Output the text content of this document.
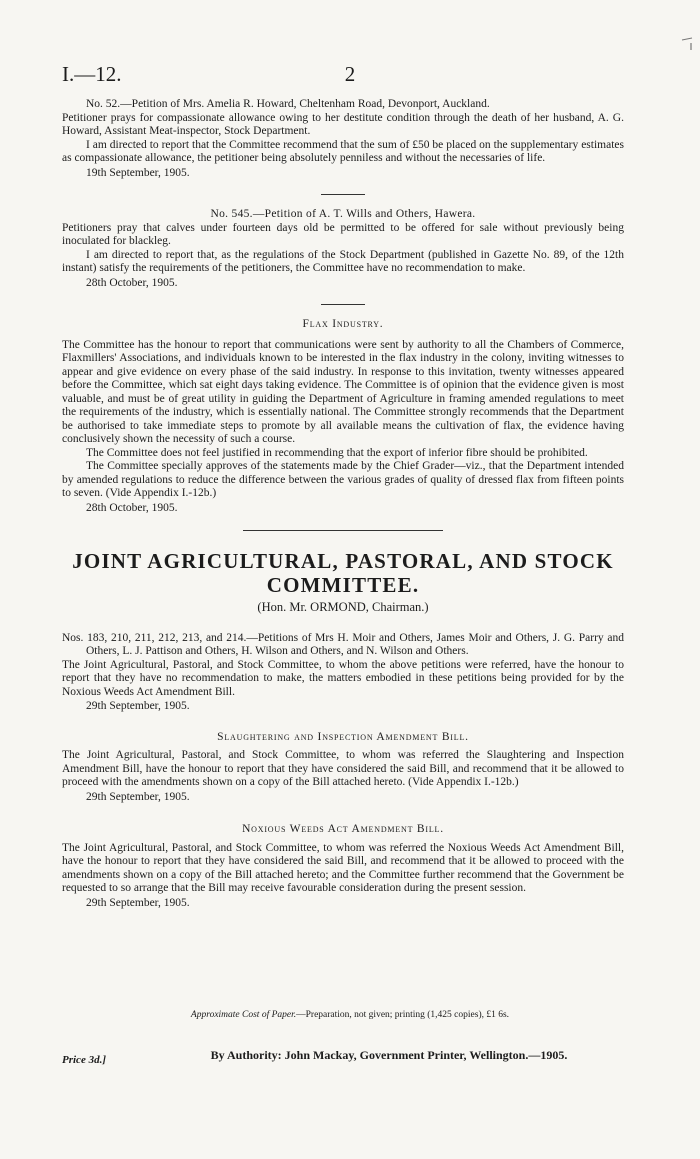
I.—12.	2

No. 52.—Petition of Mrs. Amelia R. Howard, Cheltenham Road, Devonport, Auckland.

Petitioner prays for compassionate allowance owing to her destitute condition through the death of her husband, A. G. Howard, Assistant Meat-inspector, Stock Department.

I am directed to report that the Committee recommend that the sum of £50 be placed on the supplementary estimates as compassionate allowance, the petitioner being absolutely penniless and without the necessaries of life.

19th September, 1905.

No. 545.—Petition of A. T. Wills and Others, Hawera.

Petitioners pray that calves under fourteen days old be permitted to be offered for sale without previously being inoculated for blackleg.

I am directed to report that, as the regulations of the Stock Department (published in Gazette No. 89, of the 12th instant) satisfy the requirements of the petitioners, the Committee have no recommendation to make.

28th October, 1905.

Flax Industry.

The Committee has the honour to report that communications were sent by authority to all the Chambers of Commerce, Flaxmillers' Associations, and individuals known to be interested in the flax industry in the colony, inviting witnesses to appear and give evidence on every phase of the said industry. In response to this invitation, twenty witnesses appeared before the Committee, which sat eight days taking evidence. The Committee is of opinion that the evidence given is most valuable, and must be of great utility in guiding the Department of Agriculture in framing amended regulations to meet the requirements of the industry, which is essentially national. The Committee strongly recommends that the Department be authorised to take immediate steps to promote by all available means the cultivation of flax, the evidence having conclusively shown the necessity of such a course.

The Committee does not feel justified in recommending that the export of inferior fibre should be prohibited.

The Committee specially approves of the statements made by the Chief Grader—viz., that the Department intended by amended regulations to reduce the difference between the various grades of quality of dressed flax from fifteen points to seven. (Vide Appendix I.-12b.)

28th October, 1905.

JOINT AGRICULTURAL, PASTORAL, AND STOCK COMMITTEE.
(Hon. Mr. ORMOND, Chairman.)

Nos. 183, 210, 211, 212, 213, and 214.—Petitions of Mrs H. Moir and Others, James Moir and Others, J. G. Parry and Others, L. J. Pattison and Others, H. Wilson and Others, and N. Wilson and Others.

The Joint Agricultural, Pastoral, and Stock Committee, to whom the above petitions were referred, have the honour to report that they have no recommendation to make, the matters embodied in these petitions being provided for by the Noxious Weeds Act Amendment Bill.

29th September, 1905.

Slaughtering and Inspection Amendment Bill.

The Joint Agricultural, Pastoral, and Stock Committee, to whom was referred the Slaughtering and Inspection Amendment Bill, have the honour to report that they have considered the said Bill, and recommend that it be allowed to proceed with the amendments shown on a copy of the Bill attached hereto. (Vide Appendix I.-12b.)

29th September, 1905.

Noxious Weeds Act Amendment Bill.

The Joint Agricultural, Pastoral, and Stock Committee, to whom was referred the Noxious Weeds Act Amendment Bill, have the honour to report that they have considered the said Bill, and recommend that it be allowed to proceed with the amendments shown on a copy of the Bill attached hereto; and the Committee further recommend that the Government be requested to so arrange that the Bill may receive favourable consideration during the present session.

29th September, 1905.

Approximate Cost of Paper.—Preparation, not given; printing (1,425 copies), £1 6s.
Price 3d.]	By Authority: John Mackay, Government Printer, Wellington.—1905.
